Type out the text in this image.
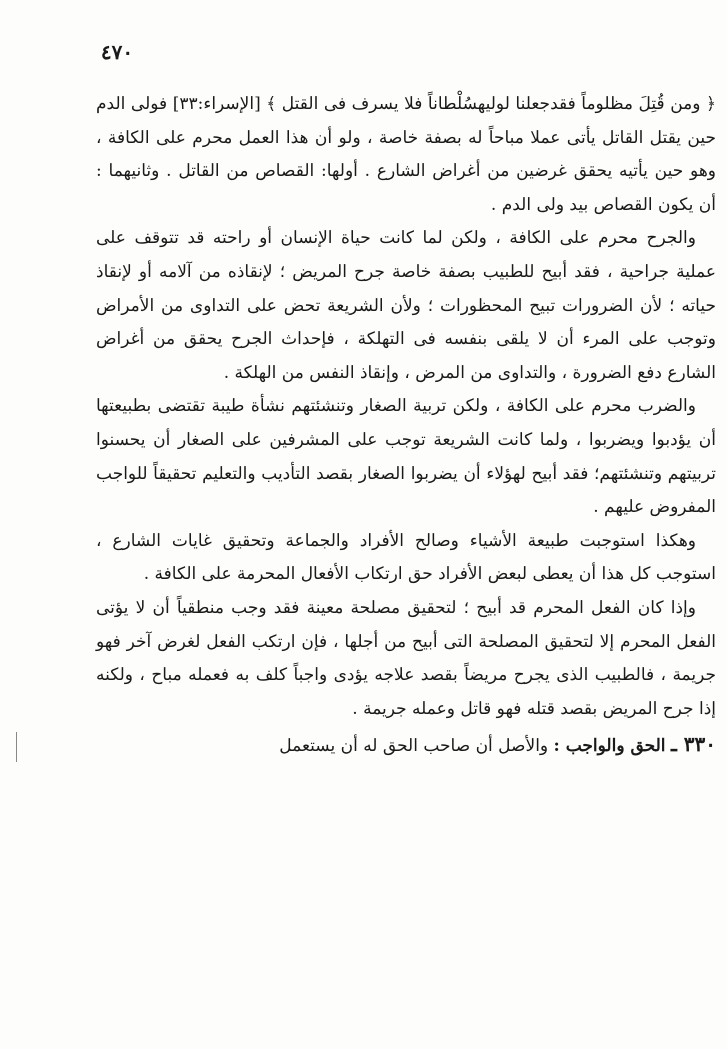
٤٧٠

﴿ ومن قُتِلَ مظلوماً فقدجعلنا لوليهسُلْطاناً فلا يسرف فى القتل ﴾ [الإسراء:٣٣] فولى الدم حين يقتل القاتل يأتى عملا مباحاً له بصفة خاصة ، ولو أن هذا العمل محرم على الكافة ، وهو حين يأتيه يحقق غرضين من أغراض الشارع . أولها: القصاص من القاتل . وثانيهما : أن يكون القصاص بيد ولى الدم .

والجرح محرم على الكافة ، ولكن لما كانت حياة الإنسان أو راحته قد تتوقف على عملية جراحية ، فقد أبيح للطبيب بصفة خاصة جرح المريض ؛ لإنقاذه من آلامه أو لإنقاذ حياته ؛ لأن الضرورات تبيح المحظورات ؛ ولأن الشريعة تحض على التداوى من الأمراض وتوجب على المرء أن لا يلقى بنفسه فى التهلكة ، فإحداث الجرح يحقق من أغراض الشارع دفع الضرورة ، والتداوى من المرض ، وإنقاذ النفس من الهلكة .

والضرب محرم على الكافة ، ولكن تربية الصغار وتنشئتهم نشأة طيبة تقتضى بطبيعتها أن يؤدبوا ويضربوا ، ولما كانت الشريعة توجب على المشرفين على الصغار أن يحسنوا تربيتهم وتنشئتهم؛ فقد أبيح لهؤلاء أن يضربوا الصغار بقصد التأديب والتعليم تحقيقاً للواجب المفروض عليهم .

وهكذا استوجبت طبيعة الأشياء وصالح الأفراد والجماعة وتحقيق غايات الشارع ، استوجب كل هذا أن يعطى لبعض الأفراد حق ارتكاب الأفعال المحرمة على الكافة .

وإذا كان الفعل المحرم قد أبيح ؛ لتحقيق مصلحة معينة فقد وجب منطقياً أن لا يؤتى الفعل المحرم إلا لتحقيق المصلحة التى أبيح من أجلها ، فإن ارتكب الفعل لغرض آخر فهو جريمة ، فالطبيب الذى يجرح مريضاً بقصد علاجه يؤدى واجباً كلف به فعمله مباح ، ولكنه إذا جرح المريض بقصد قتله فهو قاتل وعمله جريمة .

٣٣٠ ـ الحق والواجب : والأصل أن صاحب الحق له أن يستعمل
